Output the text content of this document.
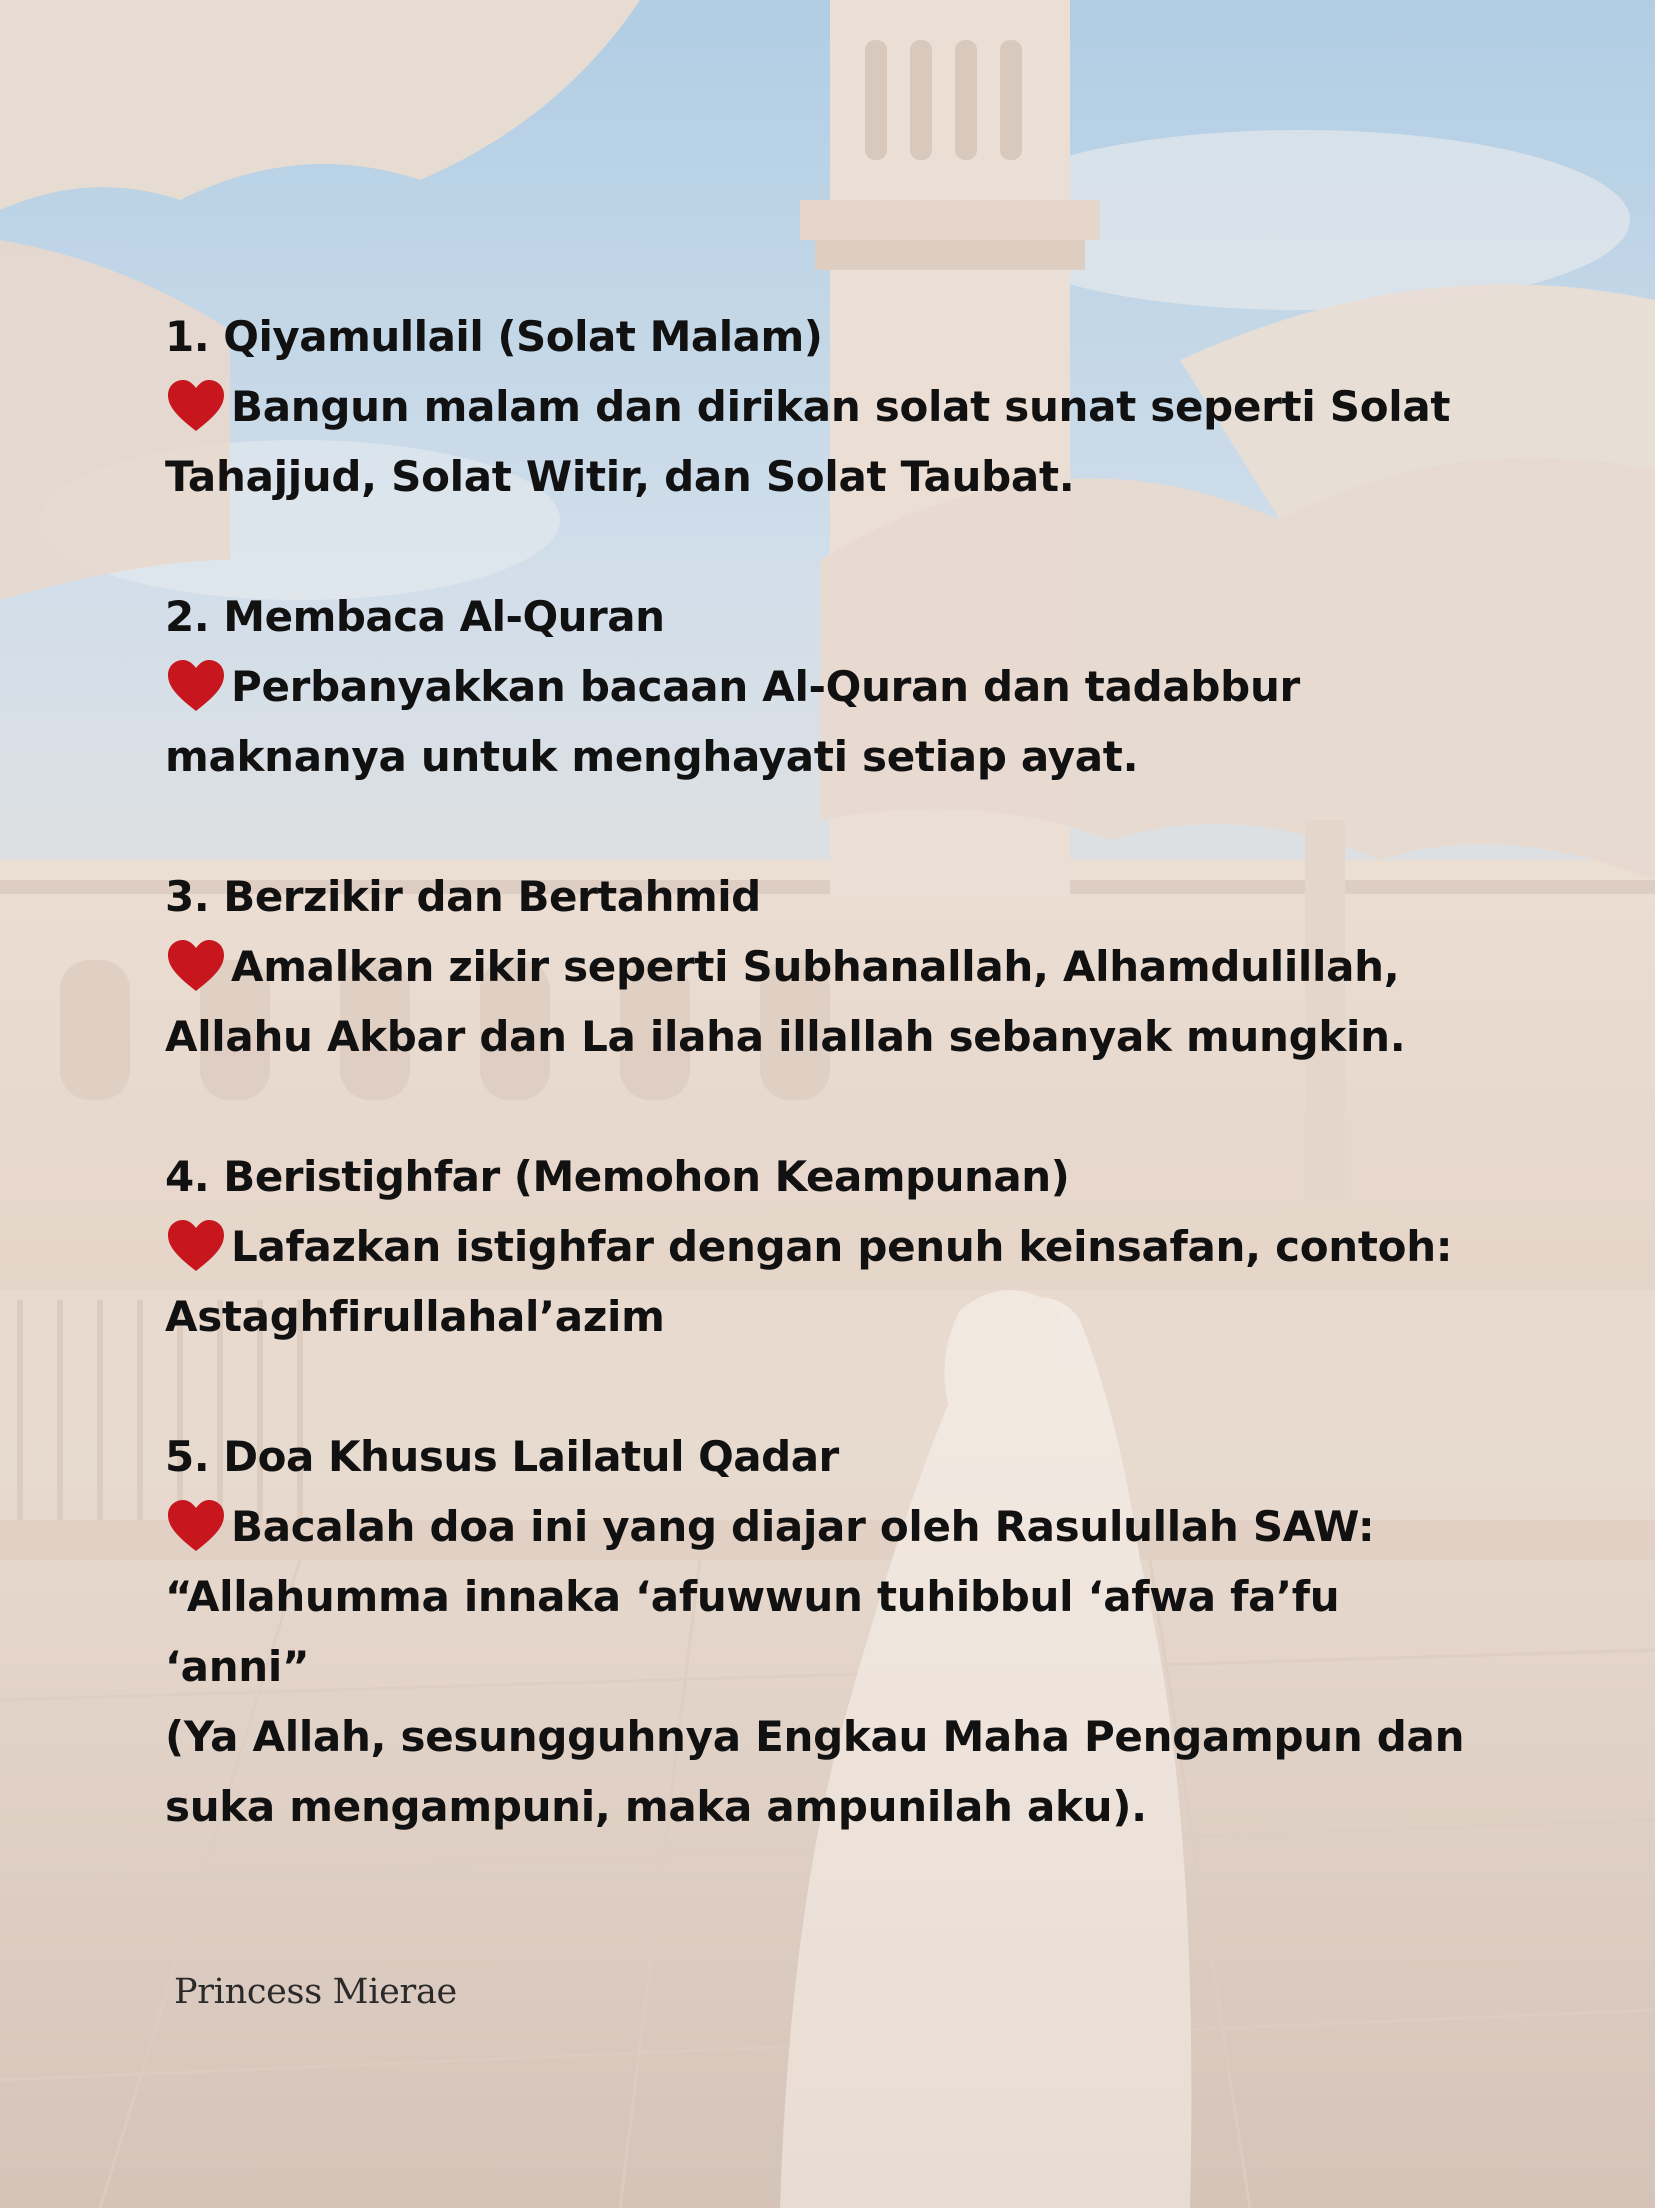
1. Qiyamullail (Solat Malam)
Bangun malam dan dirikan solat sunat seperti Solat
Tahajjud, Solat Witir, dan Solat Taubat.
2. Membaca Al-Quran
Perbanyakkan bacaan Al-Quran dan tadabbur
maknanya untuk menghayati setiap ayat.
3. Berzikir dan Bertahmid
Amalkan zikir seperti Subhanallah, Alhamdulillah,
Allahu Akbar dan La ilaha illallah sebanyak mungkin.
4. Beristighfar (Memohon Keampunan)
Lafazkan istighfar dengan penuh keinsafan, contoh:
Astaghfirullahal’azim
5. Doa Khusus Lailatul Qadar
Bacalah doa ini yang diajar oleh Rasulullah SAW:
“Allahumma innaka ‘afuwwun tuhibbul ‘afwa fa’fu
‘anni”
(Ya Allah, sesungguhnya Engkau Maha Pengampun dan
suka mengampuni, maka ampunilah aku).
Princess Mierae
